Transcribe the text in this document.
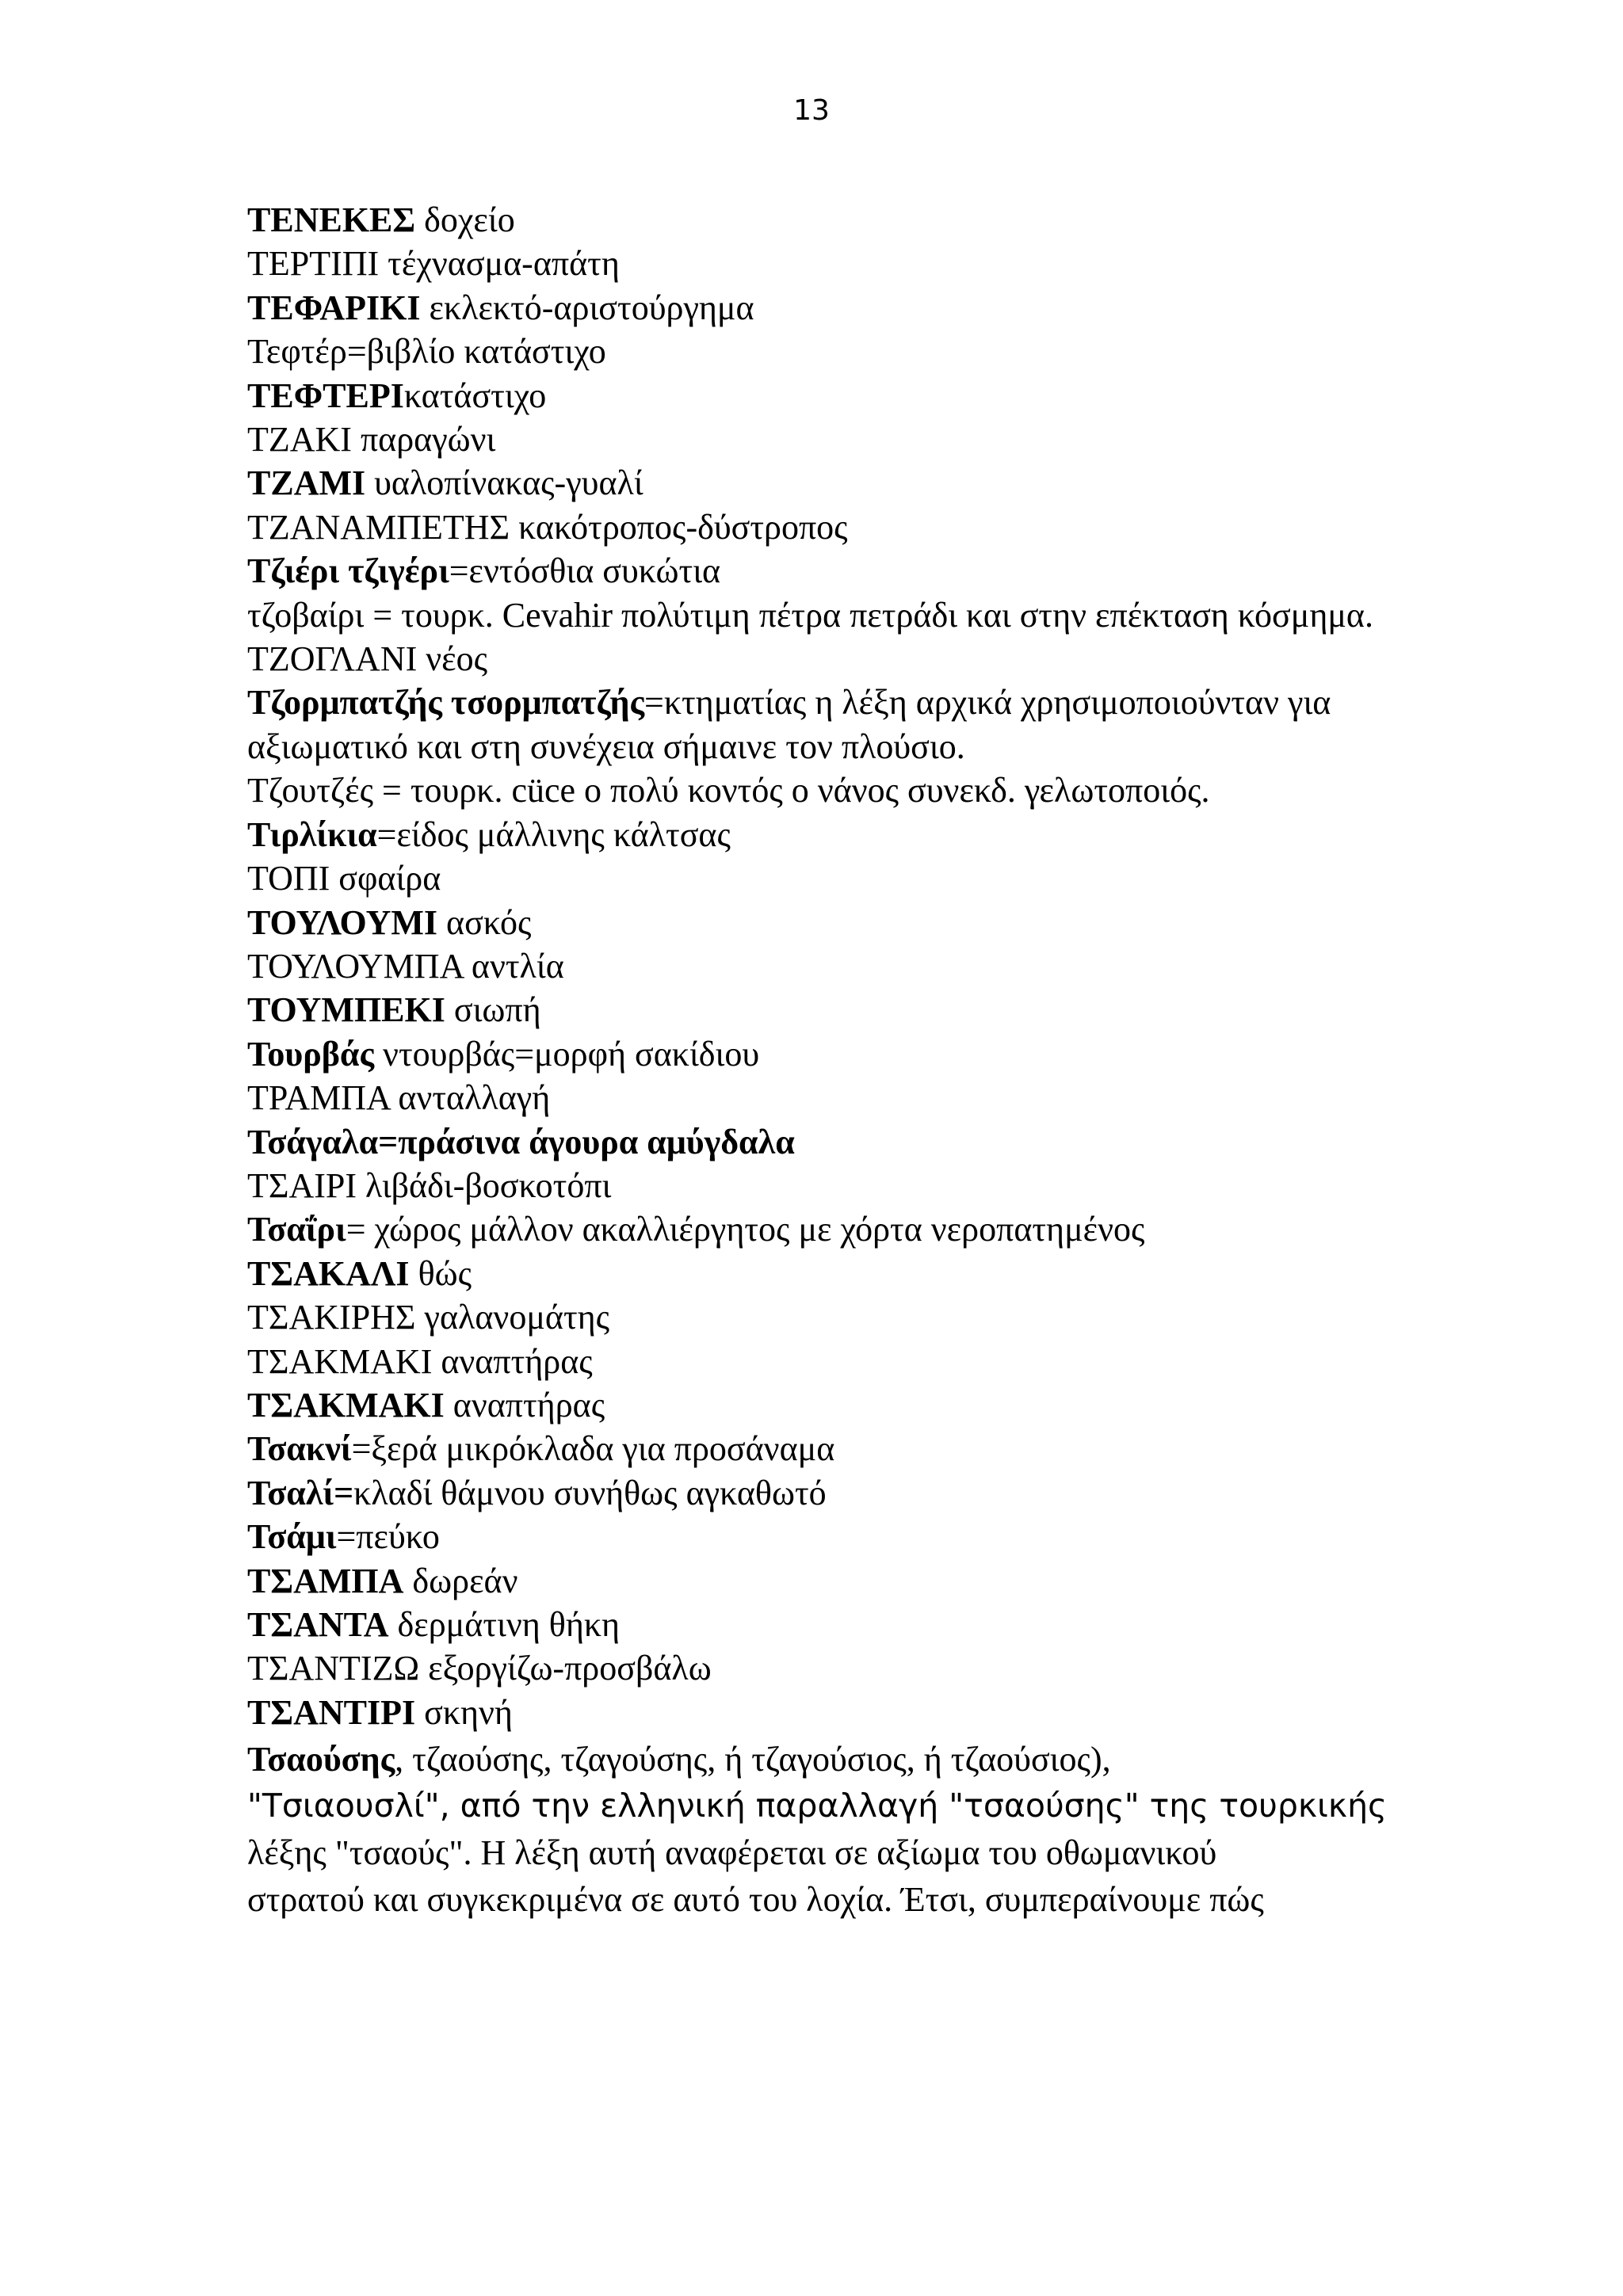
13
ΤΕΝΕΚΕΣ δοχείο
ΤΕΡΤΙΠΙ τέχνασμα-απάτη
ΤΕΦΑΡΙΚΙ εκλεκτό-αριστούργημα
Τεφτέρ=βιβλίο κατάστιχο
ΤΕΦΤΕΡΙκατάστιχο
ΤΖΑΚΙ παραγώνι
ΤΖΑΜΙ υαλοπίνακας-γυαλί
ΤΖΑΝΑΜΠΕΤΗΣ κακότροπος-δύστροπος
Τζιέρι τζιγέρι=εντόσθια συκώτια
τζοβαίρι = τουρκ. Cevahir πολύτιμη πέτρα πετράδι και στην επέκταση κόσμημα.
ΤΖΟΓΛΑΝΙ νέος
Τζορμπατζής τσορμπατζής=κτηματίας η λέξη αρχικά χρησιμοποιούνταν για αξιωματικό και στη συνέχεια σήμαινε τον πλούσιο.
Τζουτζές = τουρκ. cüce ο πολύ κοντός ο νάνος συνεκδ. γελωτοποιός.
Τιρλίκια=είδος μάλλινης κάλτσας
ΤΟΠΙ σφαίρα
ΤΟΥΛΟΥΜΙ ασκός
ΤΟΥΛΟΥΜΠΑ αντλία
ΤΟΥΜΠΕΚΙ σιωπή
Τουρβάς ντουρβάς=μορφή σακίδιου
ΤΡΑΜΠΑ ανταλλαγή
Τσάγαλα=πράσινα άγουρα αμύγδαλα
ΤΣΑΙΡΙ λιβάδι-βοσκοτόπι
Τσαΐρι= χώρος μάλλον ακαλλιέργητος με χόρτα νεροπατημένος
ΤΣΑΚΑΛΙ θώς
ΤΣΑΚΙΡΗΣ γαλανομάτης
ΤΣΑΚΜΑΚΙ αναπτήρας
ΤΣΑΚΜΑΚΙ αναπτήρας
Τσακνί=ξερά μικρόκλαδα για προσάναμα
Τσαλί=κλαδί θάμνου συνήθως αγκαθωτό
Τσάμι=πεύκο
ΤΣΑΜΠΑ δωρεάν
ΤΣΑΝΤΑ δερμάτινη θήκη
ΤΣΑΝΤΙΖΩ εξοργίζω-προσβάλω
ΤΣΑΝΤΙΡΙ σκηνή
Τσαούσης, τζαούσης, τζαγούσης, ή τζαγούσιος, ή τζαούσιος),
"Τσιαουσλί", από την ελληνική παραλλαγή "τσαούσης" της τουρκικής
λέξης "τσαούς". Η λέξη αυτή αναφέρεται σε αξίωμα του οθωμανικού
στρατού και συγκεκριμένα σε αυτό του λοχία. Έτσι, συμπεραίνουμε πώς
